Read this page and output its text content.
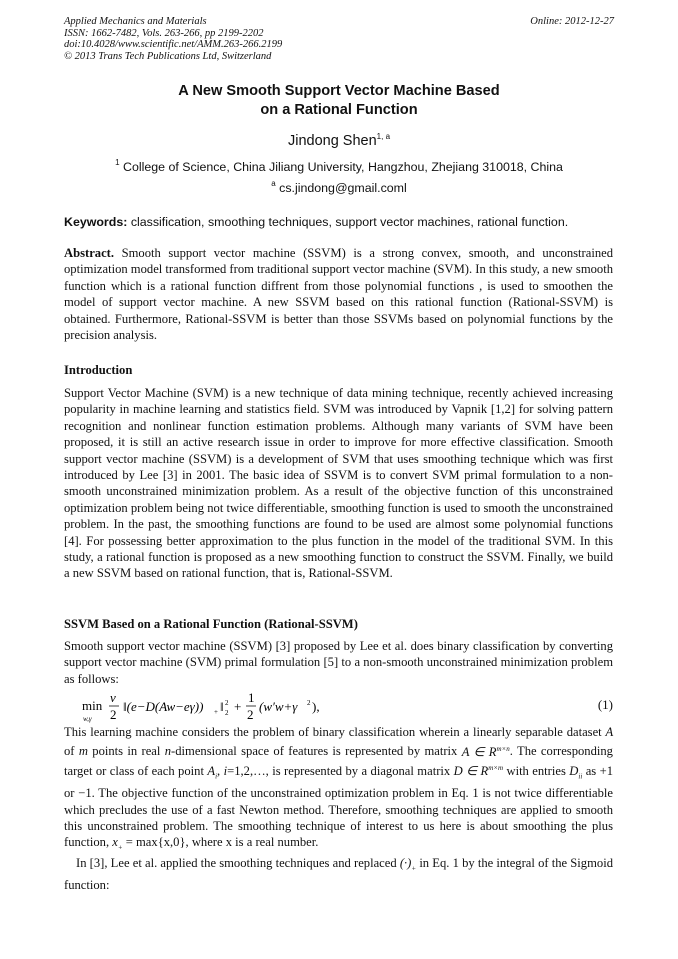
Applied Mechanics and Materials
ISSN: 1662-7482, Vols. 263-266, pp 2199-2202
doi:10.4028/www.scientific.net/AMM.263-266.2199
© 2013 Trans Tech Publications Ltd, Switzerland
Online: 2012-12-27
A New Smooth Support Vector Machine Based
on a Rational Function
Jindong Shen$^{1, a}$
$^1$ College of Science, China Jiliang University, Hangzhou, Zhejiang 310018, China
$^a$ cs.jindong@gmail.coml
Keywords: classification, smoothing techniques, support vector machines, rational function.
Abstract. Smooth support vector machine (SSVM) is a strong convex, smooth, and unconstrained optimization model transformed from traditional support vector machine (SVM). In this study, a new smooth function which is a rational function diffrent from those polynomial functions , is used to smoothen the model of support vector machine. A new SSVM based on this rational function (Rational-SSVM) is obtained. Furthermore, Rational-SSVM is better than those SSVMs based on polynomial functions by the precision analysis.
Introduction
Support Vector Machine (SVM) is a new technique of data mining technique, recently achieved increasing popularity in machine learning and statistics field. SVM was introduced by Vapnik [1,2] for solving pattern recognition and nonlinear function estimation problems. Although many variants of SVM have been proposed, it is still an active research issue in order to improve for more effective classification. Smooth support vector machine (SSVM) is a development of SVM that uses smoothing technique which was first introduced by Lee [3] in 2001. The basic idea of SSVM is to convert SVM primal formulation to a non-smooth unconstrained minimization problem. As a result of the objective function of this unconstrained optimization problem being not twice differentiable, smoothing function is used to smooth the unconstrained problem. In the past, the smoothing functions are found to be used are almost some polynomial functions [4]. For possessing better approximation to the plus function in the model of the traditional SVM. In this study, a rational function is proposed as a new smoothing function to construct the SSVM. Finally, we build a new SSVM based on rational function, that is, Rational-SSVM.
SSVM Based on a Rational Function (Rational-SSVM)
Smooth support vector machine (SSVM) [3] proposed by Lee et al. does binary classification by converting support vector machine (SVM) primal formulation [5] to a non-smooth unconstrained minimization problem as follows:
min
w,γ
ν
2
‖(e−D(Aw−eγ)) + ‖ 2
2 +
1
2
(w′w+γ 2 ),	(1)
This learning machine considers the problem of binary classification wherein a linearly separable dataset A of m points in real n-dimensional space of features is represented by matrix A ∈ $R^{m\times n}$. The corresponding target or class of each point $A_i$, i=1,2,…, is represented by a diagonal matrix D ∈ $R^{m\times m}$ with entries $D_{ii}$ as +1 or −1. The objective function of the unconstrained optimization problem in Eq. 1 is not twice differentiable which precludes the use of a fast Newton method. Therefore, smoothing techniques are applied to smooth this unconstrained problem. The smoothing technique of interest to us here is about smoothing the plus function, $x_+ = \max\{x,0\}$, where x is a real number.
In [3], Lee et al. applied the smoothing techniques and replaced $(\cdot)_+$ in Eq. 1 by the integral of the Sigmoid function:
